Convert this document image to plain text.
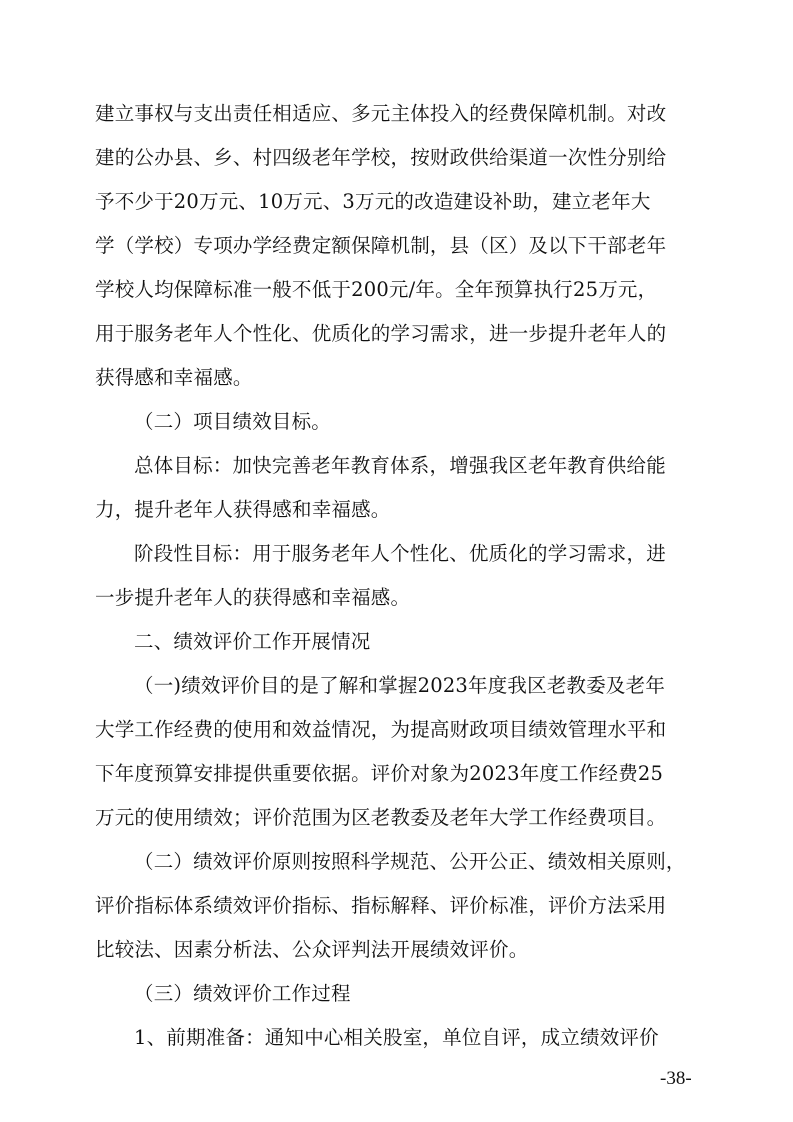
建立事权与支出责任相适应、多元主体投入的经费保障机制。对改
建的公办县、乡、村四级老年学校，按财政供给渠道一次性分别给
予不少于20万元、10万元、3万元的改造建设补助，建立老年大
学（学校）专项办学经费定额保障机制，县（区）及以下干部老年
学校人均保障标准一般不低于200元/年。全年预算执行25万元，
用于服务老年人个性化、优质化的学习需求，进一步提升老年人的
获得感和幸福感。
（二）项目绩效目标。
总体目标：加快完善老年教育体系，增强我区老年教育供给能
力，提升老年人获得感和幸福感。
阶段性目标：用于服务老年人个性化、优质化的学习需求，进
一步提升老年人的获得感和幸福感。
二、绩效评价工作开展情况
（一)绩效评价目的是了解和掌握2023年度我区老教委及老年
大学工作经费的使用和效益情况，为提高财政项目绩效管理水平和
下年度预算安排提供重要依据。评价对象为2023年度工作经费25
万元的使用绩效；评价范围为区老教委及老年大学工作经费项目。
（二）绩效评价原则按照科学规范、公开公正、绩效相关原则，
评价指标体系绩效评价指标、指标解释、评价标准，评价方法采用
比较法、因素分析法、公众评判法开展绩效评价。
（三）绩效评价工作过程
1、前期准备：通知中心相关股室，单位自评，成立绩效评价
-38-
